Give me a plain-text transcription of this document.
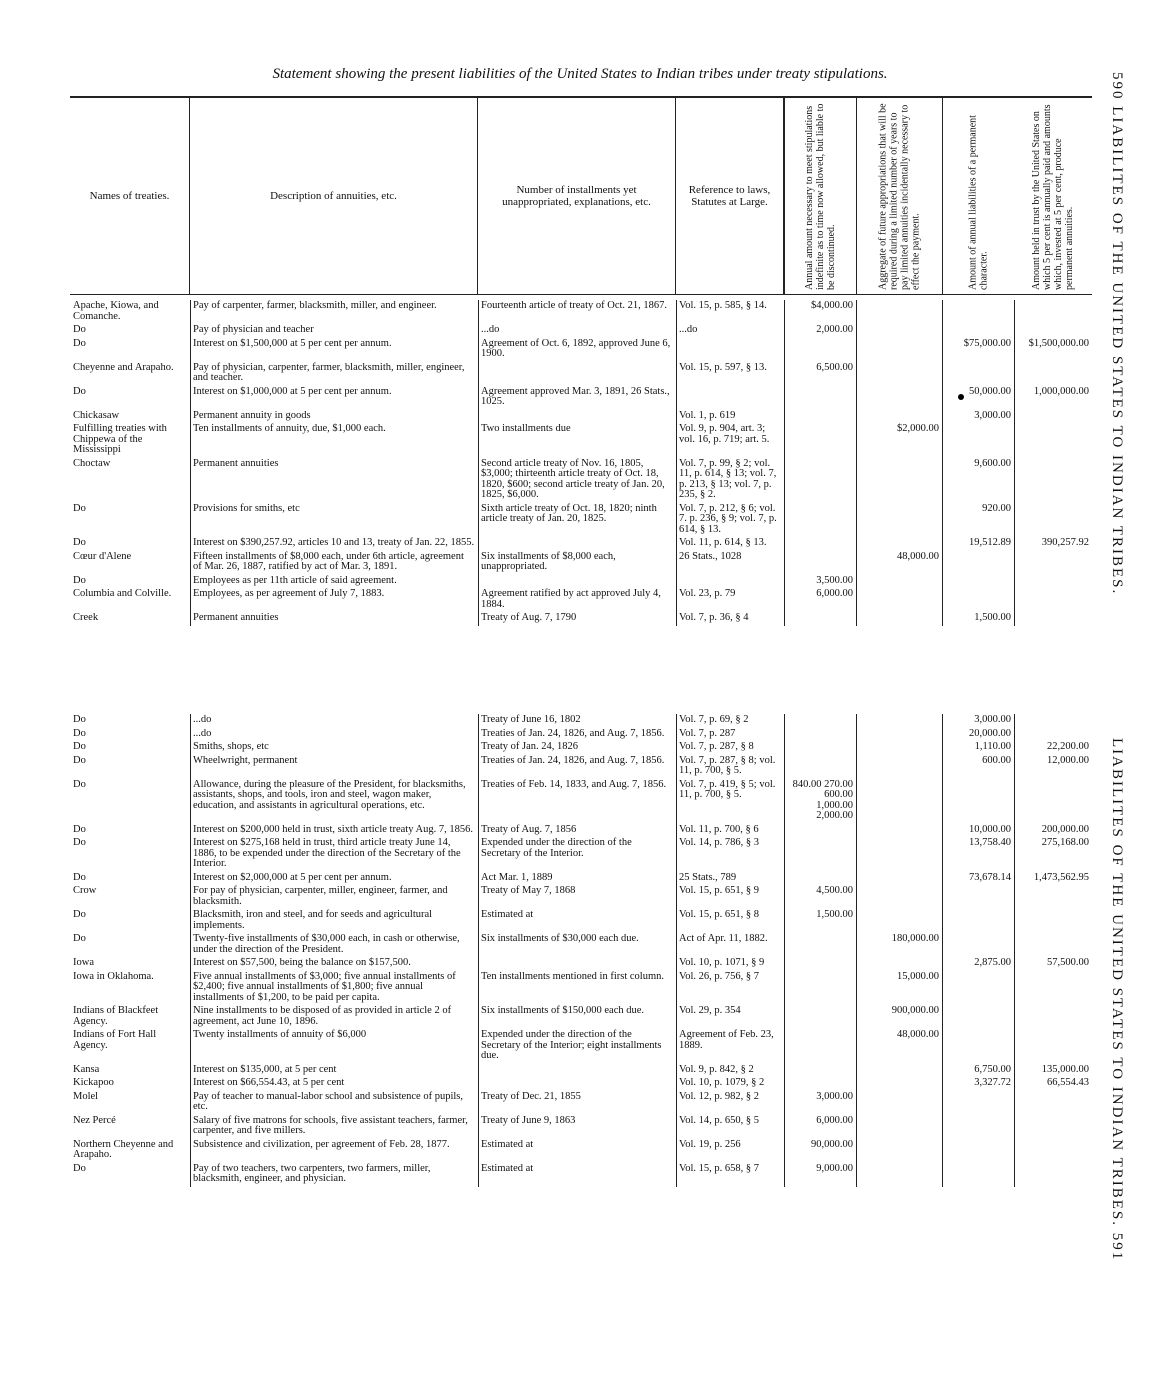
Statement showing the present liabilities of the United States to Indian tribes under treaty stipulations.	590 LIABILITES OF THE UNITED STATES TO INDIAN TRIBES.
LIABILITES OF THE UNITED STATES TO INDIAN TRIBES. 591
Names of treaties.	Description of annuities, etc.	Number of installments yet unappropriated, explanations, etc.
Reference to laws, Statutes at Large.	Annual amount necessary to meet stipulations indefinite as to time now allowed, but liable to be discontinued.	Aggregate of future appropriations that will be required during a limited number of years to pay limited annuities incidentally necessary to effect the payment.	Amount of annual liabilities of a permanent character.	Amount held in trust by the United States on which 5 per cent is annually paid and amounts which, invested at 5 per cent, produce permanent annuities.
Apache, Kiowa, and Comanche.	Pay of carpenter, farmer, blacksmith, miller, and engineer.	Fourteenth article of treaty of Oct. 21, 1867.	Vol. 15, p. 585, § 14.	$4,000.00			
Do	Pay of physician and teacher	...do	...do	2,000.00			
Do	Interest on $1,500,000 at 5 per cent per annum.	Agreement of Oct. 6, 1892, approved June 6, 1900.				$75,000.00	$1,500,000.00
Cheyenne and Arapaho.	Pay of physician, carpenter, farmer, blacksmith, miller, engineer, and teacher.		Vol. 15, p. 597, § 13.	6,500.00			
Do	Interest on $1,000,000 at 5 per cent per annum.	Agreement approved Mar. 3, 1891, 26 Stats., 1025.				50,000.00	1,000,000.00
Chickasaw	Permanent annuity in goods		Vol. 1, p. 619			3,000.00	
Fulfilling treaties with Chippewa of the Mississippi	Ten installments of annuity, due, $1,000 each.	Two installments due	Vol. 9, p. 904, art. 3; vol. 16, p. 719; art. 5.		$2,000.00		
Choctaw	Permanent annuities	Second article treaty of Nov. 16, 1805, $3,000; thirteenth article treaty of Oct. 18, 1820, $600; second article treaty of Jan. 20, 1825, $6,000.	Vol. 7, p. 99, § 2; vol. 11, p. 614, § 13; vol. 7, p. 213, § 13; vol. 7, p. 235, § 2.			9,600.00	
Do	Provisions for smiths, etc	Sixth article treaty of Oct. 18, 1820; ninth article treaty of Jan. 20, 1825.	Vol. 7, p. 212, § 6; vol. 7. p. 236, § 9; vol. 7, p. 614, § 13.			920.00	
Do	Interest on $390,257.92, articles 10 and 13, treaty of Jan. 22, 1855.		Vol. 11, p. 614, § 13.			19,512.89	390,257.92
Cœur d'Alene	Fifteen installments of $8,000 each, under 6th article, agreement of Mar. 26, 1887, ratified by act of Mar. 3, 1891.	Six installments of $8,000 each, unappropriated.	26 Stats., 1028		48,000.00		
Do	Employees as per 11th article of said agreement.			3,500.00			
Columbia and Colville.	Employees, as per agreement of July 7, 1883.	Agreement ratified by act approved July 4, 1884.	Vol. 23, p. 79	6,000.00			
Creek	Permanent annuities	Treaty of Aug. 7, 1790	Vol. 7, p. 36, § 4			1,500.00	
Do	...do	Treaty of June 16, 1802	Vol. 7, p. 69, § 2			3,000.00	
Do	...do	Treaties of Jan. 24, 1826, and Aug. 7, 1856.	Vol. 7, p. 287			20,000.00	
Do	Smiths, shops, etc	Treaty of Jan. 24, 1826	Vol. 7, p. 287, § 8			1,110.00	22,200.00
Do	Wheelwright, permanent	Treaties of Jan. 24, 1826, and Aug. 7, 1856.	Vol. 7, p. 287, § 8; vol. 11, p. 700, § 5.			600.00	12,000.00
Do	Allowance, during the pleasure of the President, for blacksmiths, assistants, shops, and tools, iron and steel, wagon maker, education, and assistants in agricultural operations, etc.	Treaties of Feb. 14, 1833, and Aug. 7, 1856.	Vol. 7, p. 419, § 5; vol. 11, p. 700, § 5.	840.00 270.00 600.00 1,000.00 2,000.00			
Do	Interest on $200,000 held in trust, sixth article treaty Aug. 7, 1856.	Treaty of Aug. 7, 1856	Vol. 11, p. 700, § 6			10,000.00	200,000.00
Do	Interest on $275,168 held in trust, third article treaty June 14, 1886, to be expended under the direction of the Secretary of the Interior.	Expended under the direction of the Secretary of the Interior.	Vol. 14, p. 786, § 3			13,758.40	275,168.00
Do	Interest on $2,000,000 at 5 per cent per annum.	Act Mar. 1, 1889	25 Stats., 789			73,678.14	1,473,562.95
Crow	For pay of physician, carpenter, miller, engineer, farmer, and blacksmith.	Treaty of May 7, 1868	Vol. 15, p. 651, § 9	4,500.00			
Do	Blacksmith, iron and steel, and for seeds and agricultural implements.	Estimated at	Vol. 15, p. 651, § 8	1,500.00			
Do	Twenty-five installments of $30,000 each, in cash or otherwise, under the direction of the President.	Six installments of $30,000 each due.	Act of Apr. 11, 1882.		180,000.00		
Iowa	Interest on $57,500, being the balance on $157,500.		Vol. 10, p. 1071, § 9			2,875.00	57,500.00
Iowa in Oklahoma.	Five annual installments of $3,000; five annual installments of $2,400; five annual installments of $1,800; five annual installments of $1,200, to be paid per capita.	Ten installments mentioned in first column.	Vol. 26, p. 756, § 7		15,000.00		
Indians of Blackfeet Agency.	Nine installments to be disposed of as provided in article 2 of agreement, act June 10, 1896.	Six installments of $150,000 each due.	Vol. 29, p. 354		900,000.00		
Indians of Fort Hall Agency.	Twenty installments of annuity of $6,000	Expended under the direction of the Secretary of the Interior; eight installments due.	Agreement of Feb. 23, 1889.		48,000.00		
Kansa	Interest on $135,000, at 5 per cent		Vol. 9, p. 842, § 2			6,750.00	135,000.00
Kickapoo	Interest on $66,554.43, at 5 per cent		Vol. 10, p. 1079, § 2			3,327.72	66,554.43
Molel	Pay of teacher to manual-labor school and subsistence of pupils, etc.	Treaty of Dec. 21, 1855	Vol. 12, p. 982, § 2	3,000.00			
Nez Percé	Salary of five matrons for schools, five assistant teachers, farmer, carpenter, and five millers.	Treaty of June 9, 1863	Vol. 14, p. 650, § 5	6,000.00			
Northern Cheyenne and Arapaho.	Subsistence and civilization, per agreement of Feb. 28, 1877.	Estimated at	Vol. 19, p. 256	90,000.00			
Do	Pay of two teachers, two carpenters, two farmers, miller, blacksmith, engineer, and physician.	Estimated at	Vol. 15, p. 658, § 7	9,000.00			
